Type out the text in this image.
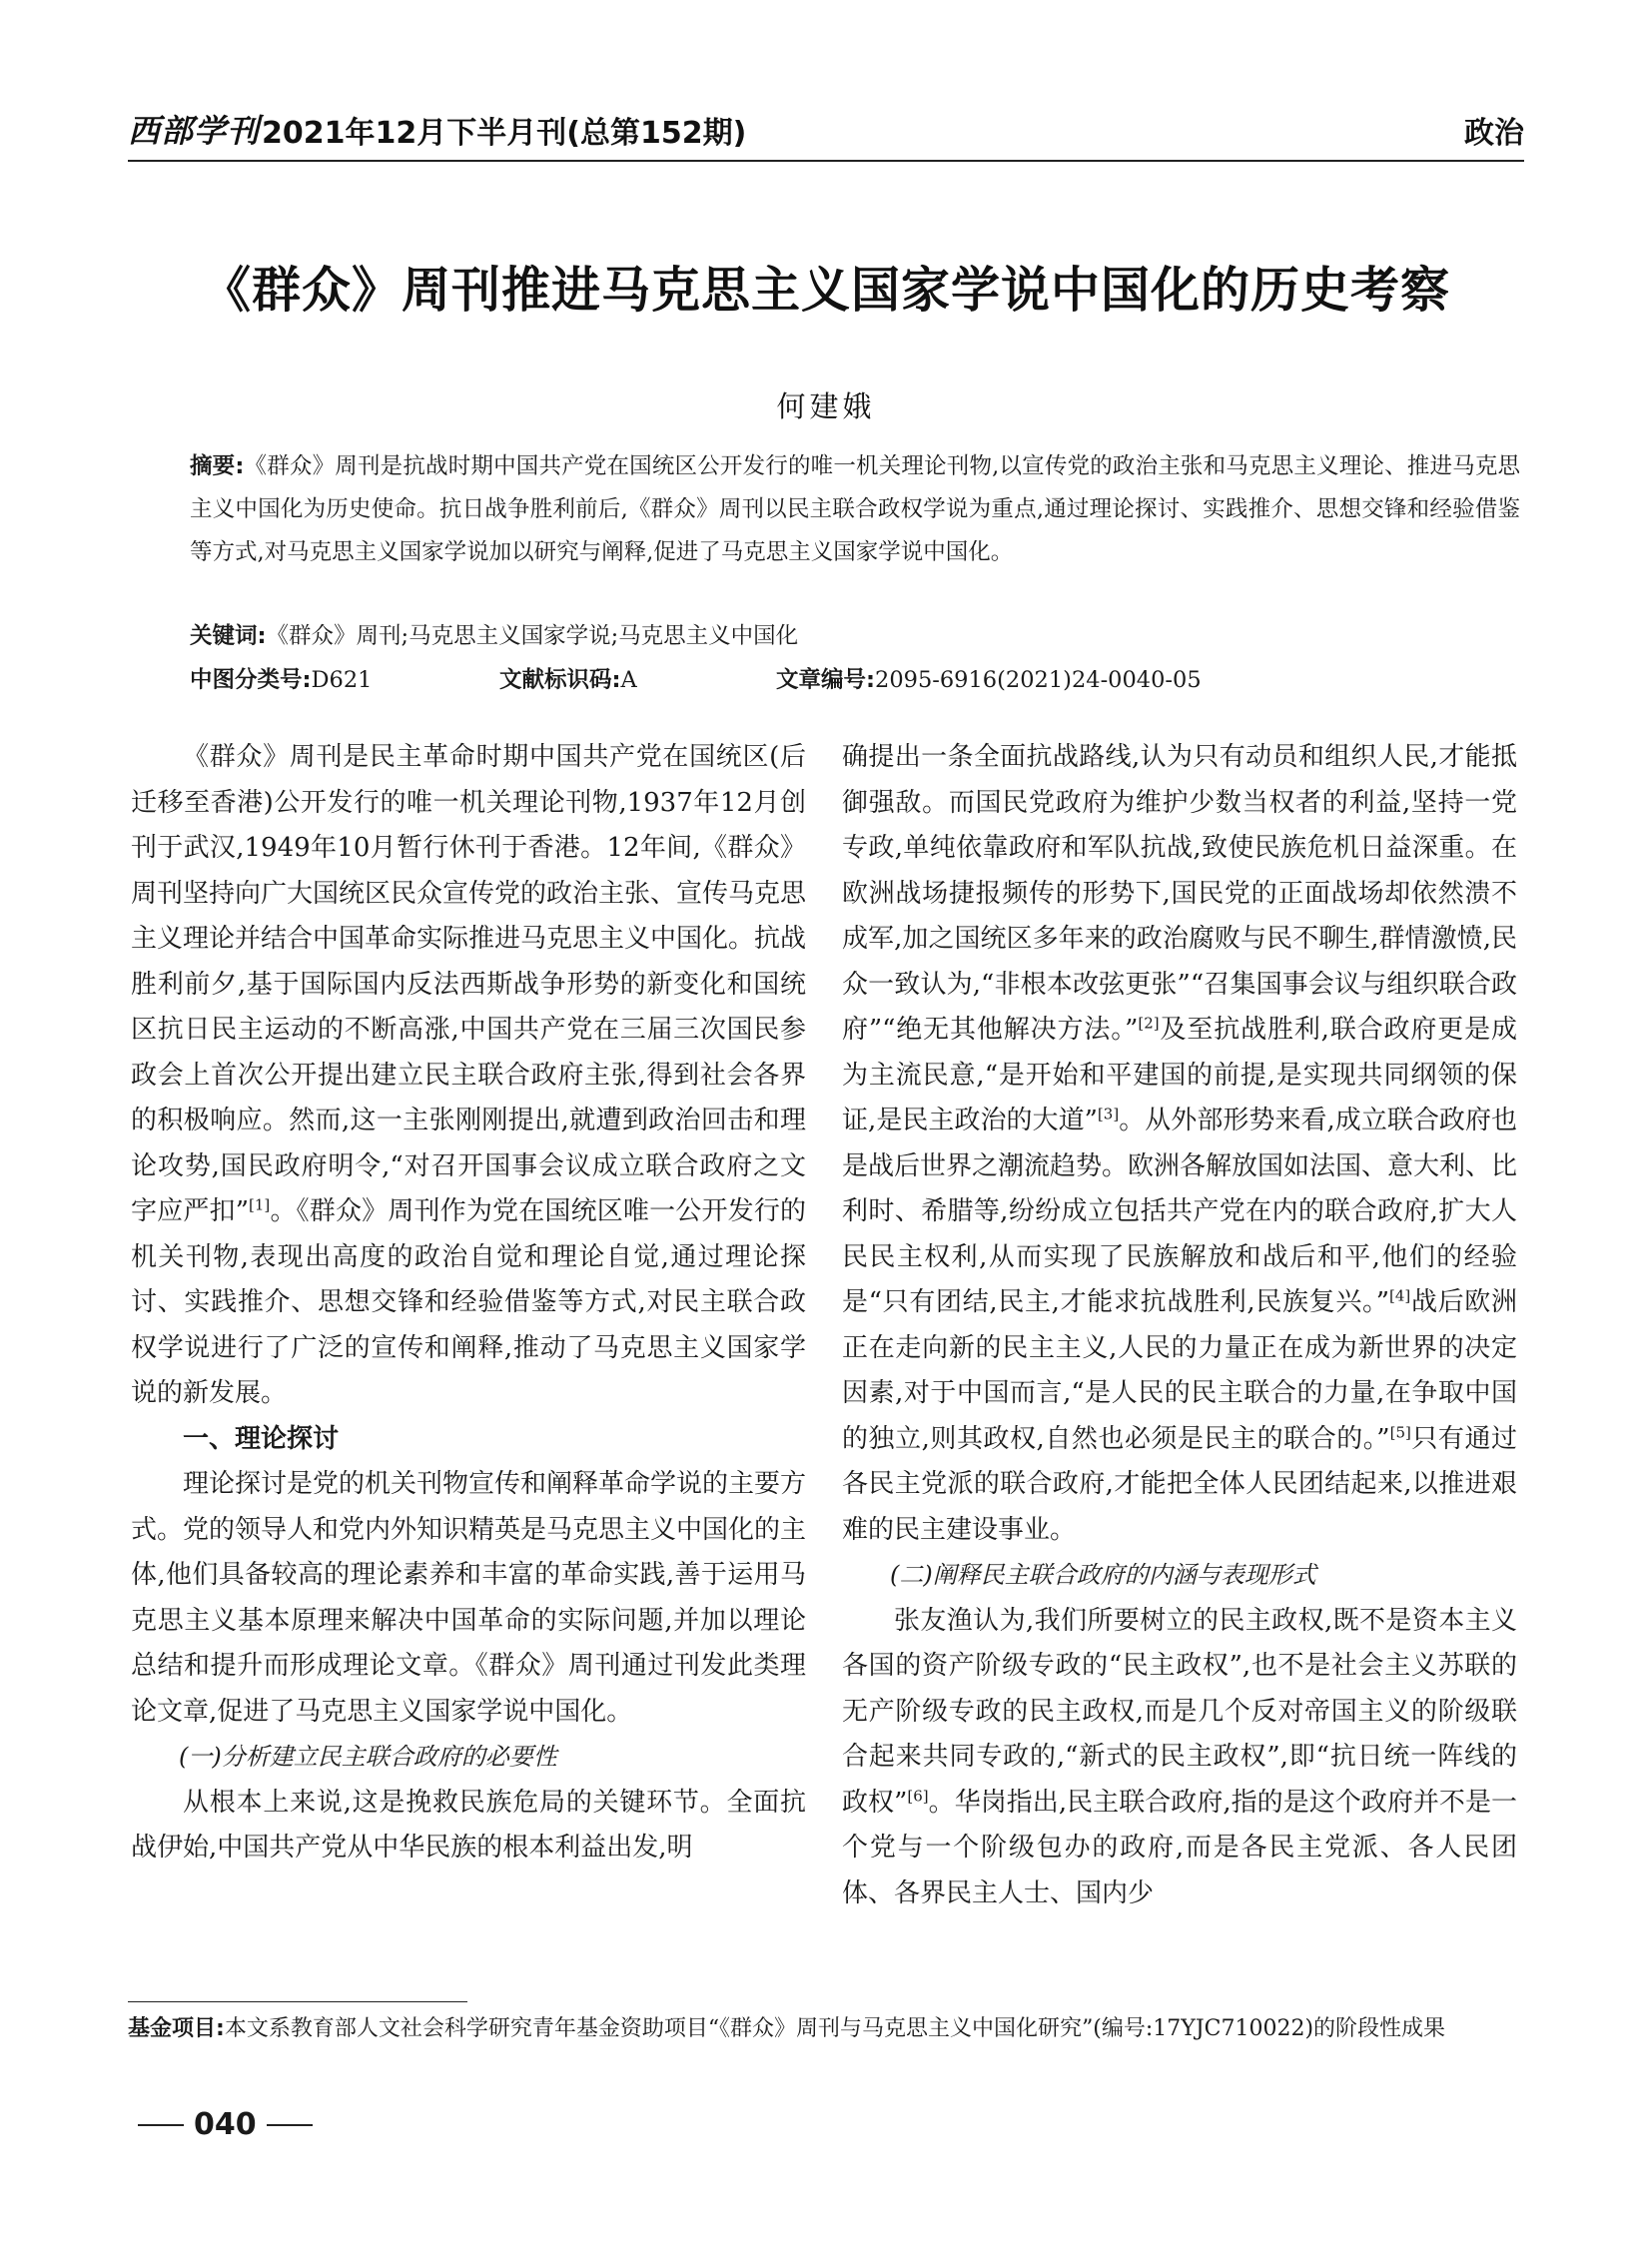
西部学刊 2021年12月下半月刊(总第152期)	政治
《群众》周刊推进马克思主义国家学说中国化的历史考察
何建娥
摘要:《群众》周刊是抗战时期中国共产党在国统区公开发行的唯一机关理论刊物,以宣传党的政治主张和马克思主义理论、推进马克思主义中国化为历史使命。抗日战争胜利前后,《群众》周刊以民主联合政权学说为重点,通过理论探讨、实践推介、思想交锋和经验借鉴等方式,对马克思主义国家学说加以研究与阐释,促进了马克思主义国家学说中国化。
关键词:《群众》周刊;马克思主义国家学说;马克思主义中国化
中图分类号:D621	文献标识码:A	文章编号:2095-6916(2021)24-0040-05

《群众》周刊是民主革命时期中国共产党在国统区(后迁移至香港)公开发行的唯一机关理论刊物,1937年12月创刊于武汉,1949年10月暂行休刊于香港。12年间,《群众》周刊坚持向广大国统区民众宣传党的政治主张、宣传马克思主义理论并结合中国革命实际推进马克思主义中国化。抗战胜利前夕,基于国际国内反法西斯战争形势的新变化和国统区抗日民主运动的不断高涨,中国共产党在三届三次国民参政会上首次公开提出建立民主联合政府主张,得到社会各界的积极响应。然而,这一主张刚刚提出,就遭到政治回击和理论攻势,国民政府明令,“对召开国事会议成立联合政府之文字应严扣”[1]。《群众》周刊作为党在国统区唯一公开发行的机关刊物,表现出高度的政治自觉和理论自觉,通过理论探讨、实践推介、思想交锋和经验借鉴等方式,对民主联合政权学说进行了广泛的宣传和阐释,推动了马克思主义国家学说的新发展。

一、理论探讨

理论探讨是党的机关刊物宣传和阐释革命学说的主要方式。党的领导人和党内外知识精英是马克思主义中国化的主体,他们具备较高的理论素养和丰富的革命实践,善于运用马克思主义基本原理来解决中国革命的实际问题,并加以理论总结和提升而形成理论文章。《群众》周刊通过刊发此类理论文章,促进了马克思主义国家学说中国化。

(一)分析建立民主联合政府的必要性

从根本上来说,这是挽救民族危局的关键环节。全面抗战伊始,中国共产党从中华民族的根本利益出发,明

确提出一条全面抗战路线,认为只有动员和组织人民,才能抵御强敌。而国民党政府为维护少数当权者的利益,坚持一党专政,单纯依靠政府和军队抗战,致使民族危机日益深重。在欧洲战场捷报频传的形势下,国民党的正面战场却依然溃不成军,加之国统区多年来的政治腐败与民不聊生,群情激愤,民众一致认为,“非根本改弦更张”“召集国事会议与组织联合政府”“绝无其他解决方法。”[2]及至抗战胜利,联合政府更是成为主流民意,“是开始和平建国的前提,是实现共同纲领的保证,是民主政治的大道”[3]。从外部形势来看,成立联合政府也是战后世界之潮流趋势。欧洲各解放国如法国、意大利、比利时、希腊等,纷纷成立包括共产党在内的联合政府,扩大人民民主权利,从而实现了民族解放和战后和平,他们的经验是“只有团结,民主,才能求抗战胜利,民族复兴。”[4]战后欧洲正在走向新的民主主义,人民的力量正在成为新世界的决定因素,对于中国而言,“是人民的民主联合的力量,在争取中国的独立,则其政权,自然也必须是民主的联合的。”[5]只有通过各民主党派的联合政府,才能把全体人民团结起来,以推进艰难的民主建设事业。

(二)阐释民主联合政府的内涵与表现形式

张友渔认为,我们所要树立的民主政权,既不是资本主义各国的资产阶级专政的“民主政权”,也不是社会主义苏联的无产阶级专政的民主政权,而是几个反对帝国主义的阶级联合起来共同专政的,“新式的民主政权”,即“抗日统一阵线的政权”[6]。华岗指出,民主联合政府,指的是这个政府并不是一个党与一个阶级包办的政府,而是各民主党派、各人民团体、各界民主人士、国内少

基金项目:本文系教育部人文社会科学研究青年基金资助项目“《群众》周刊与马克思主义中国化研究”(编号:17YJC710022)的阶段性成果
040
